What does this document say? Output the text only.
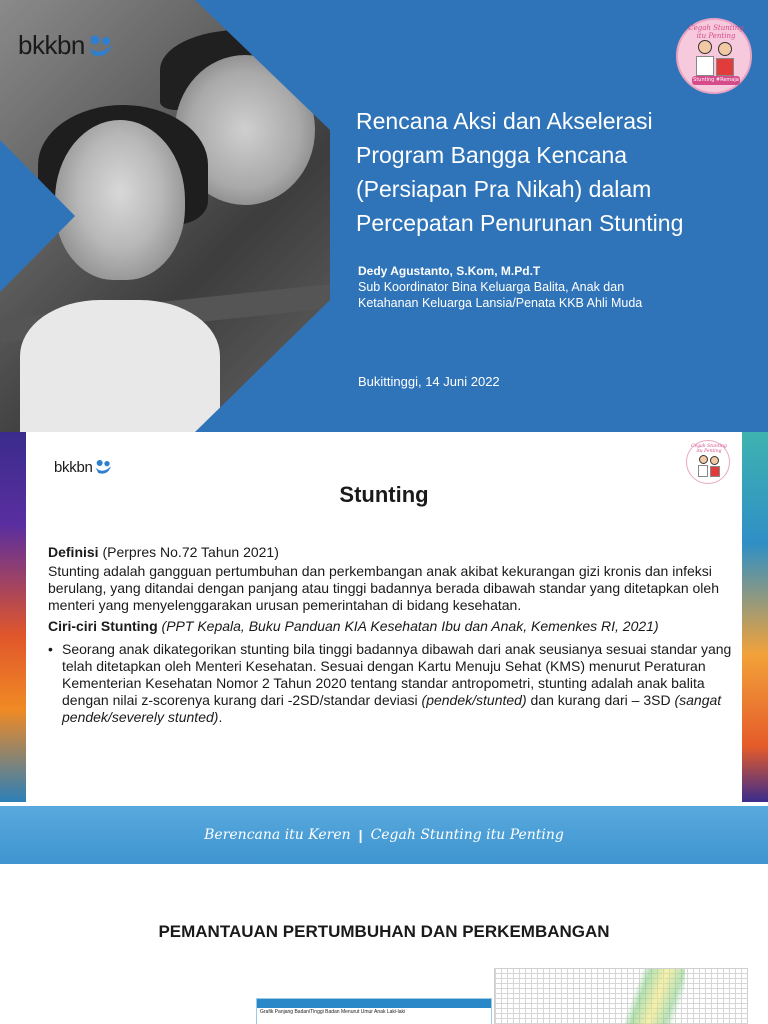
bkkbn
Cegah Stunting itu Penting
Stunting #Remaja
Rencana Aksi dan Akselerasi
Program Bangga Kencana
(Persiapan Pra Nikah) dalam
Percepatan Penurunan Stunting
Dedy Agustanto, S.Kom, M.Pd.T
Sub Koordinator Bina Keluarga Balita, Anak dan
Ketahanan Keluarga Lansia/Penata KKB Ahli Muda
Bukittinggi, 14 Juni 2022
bkkbn
Cegah Stunting itu Penting
Stunting
Definisi (Perpres No.72 Tahun 2021)

Stunting adalah gangguan pertumbuhan dan perkembangan anak akibat kekurangan gizi kronis dan infeksi berulang, yang ditandai dengan panjang atau tinggi badannya berada dibawah standar yang ditetapkan oleh menteri yang menyelenggarakan urusan pemerintahan di bidang kesehatan.

Ciri-ciri Stunting (PPT Kepala, Buku Panduan KIA Kesehatan Ibu dan Anak, Kemenkes RI, 2021)
• Seorang anak dikategorikan stunting bila tinggi badannya dibawah dari anak seusianya sesuai standar yang telah ditetapkan oleh Menteri Kesehatan. Sesuai dengan Kartu Menuju Sehat (KMS) menurut Peraturan Kementerian Kesehatan Nomor 2 Tahun 2020 tentang standar antropometri, stunting adalah anak balita dengan nilai z-scorenya kurang dari -2SD/standar deviasi (pendek/stunted) dan kurang dari – 3SD (sangat pendek/severely stunted).
Berencana itu Keren | Cegah Stunting itu Penting
PEMANTAUAN PERTUMBUHAN DAN PERKEMBANGAN
Grafik Panjang Badan/Tinggi Badan Menurut Umur Anak Laki-laki
